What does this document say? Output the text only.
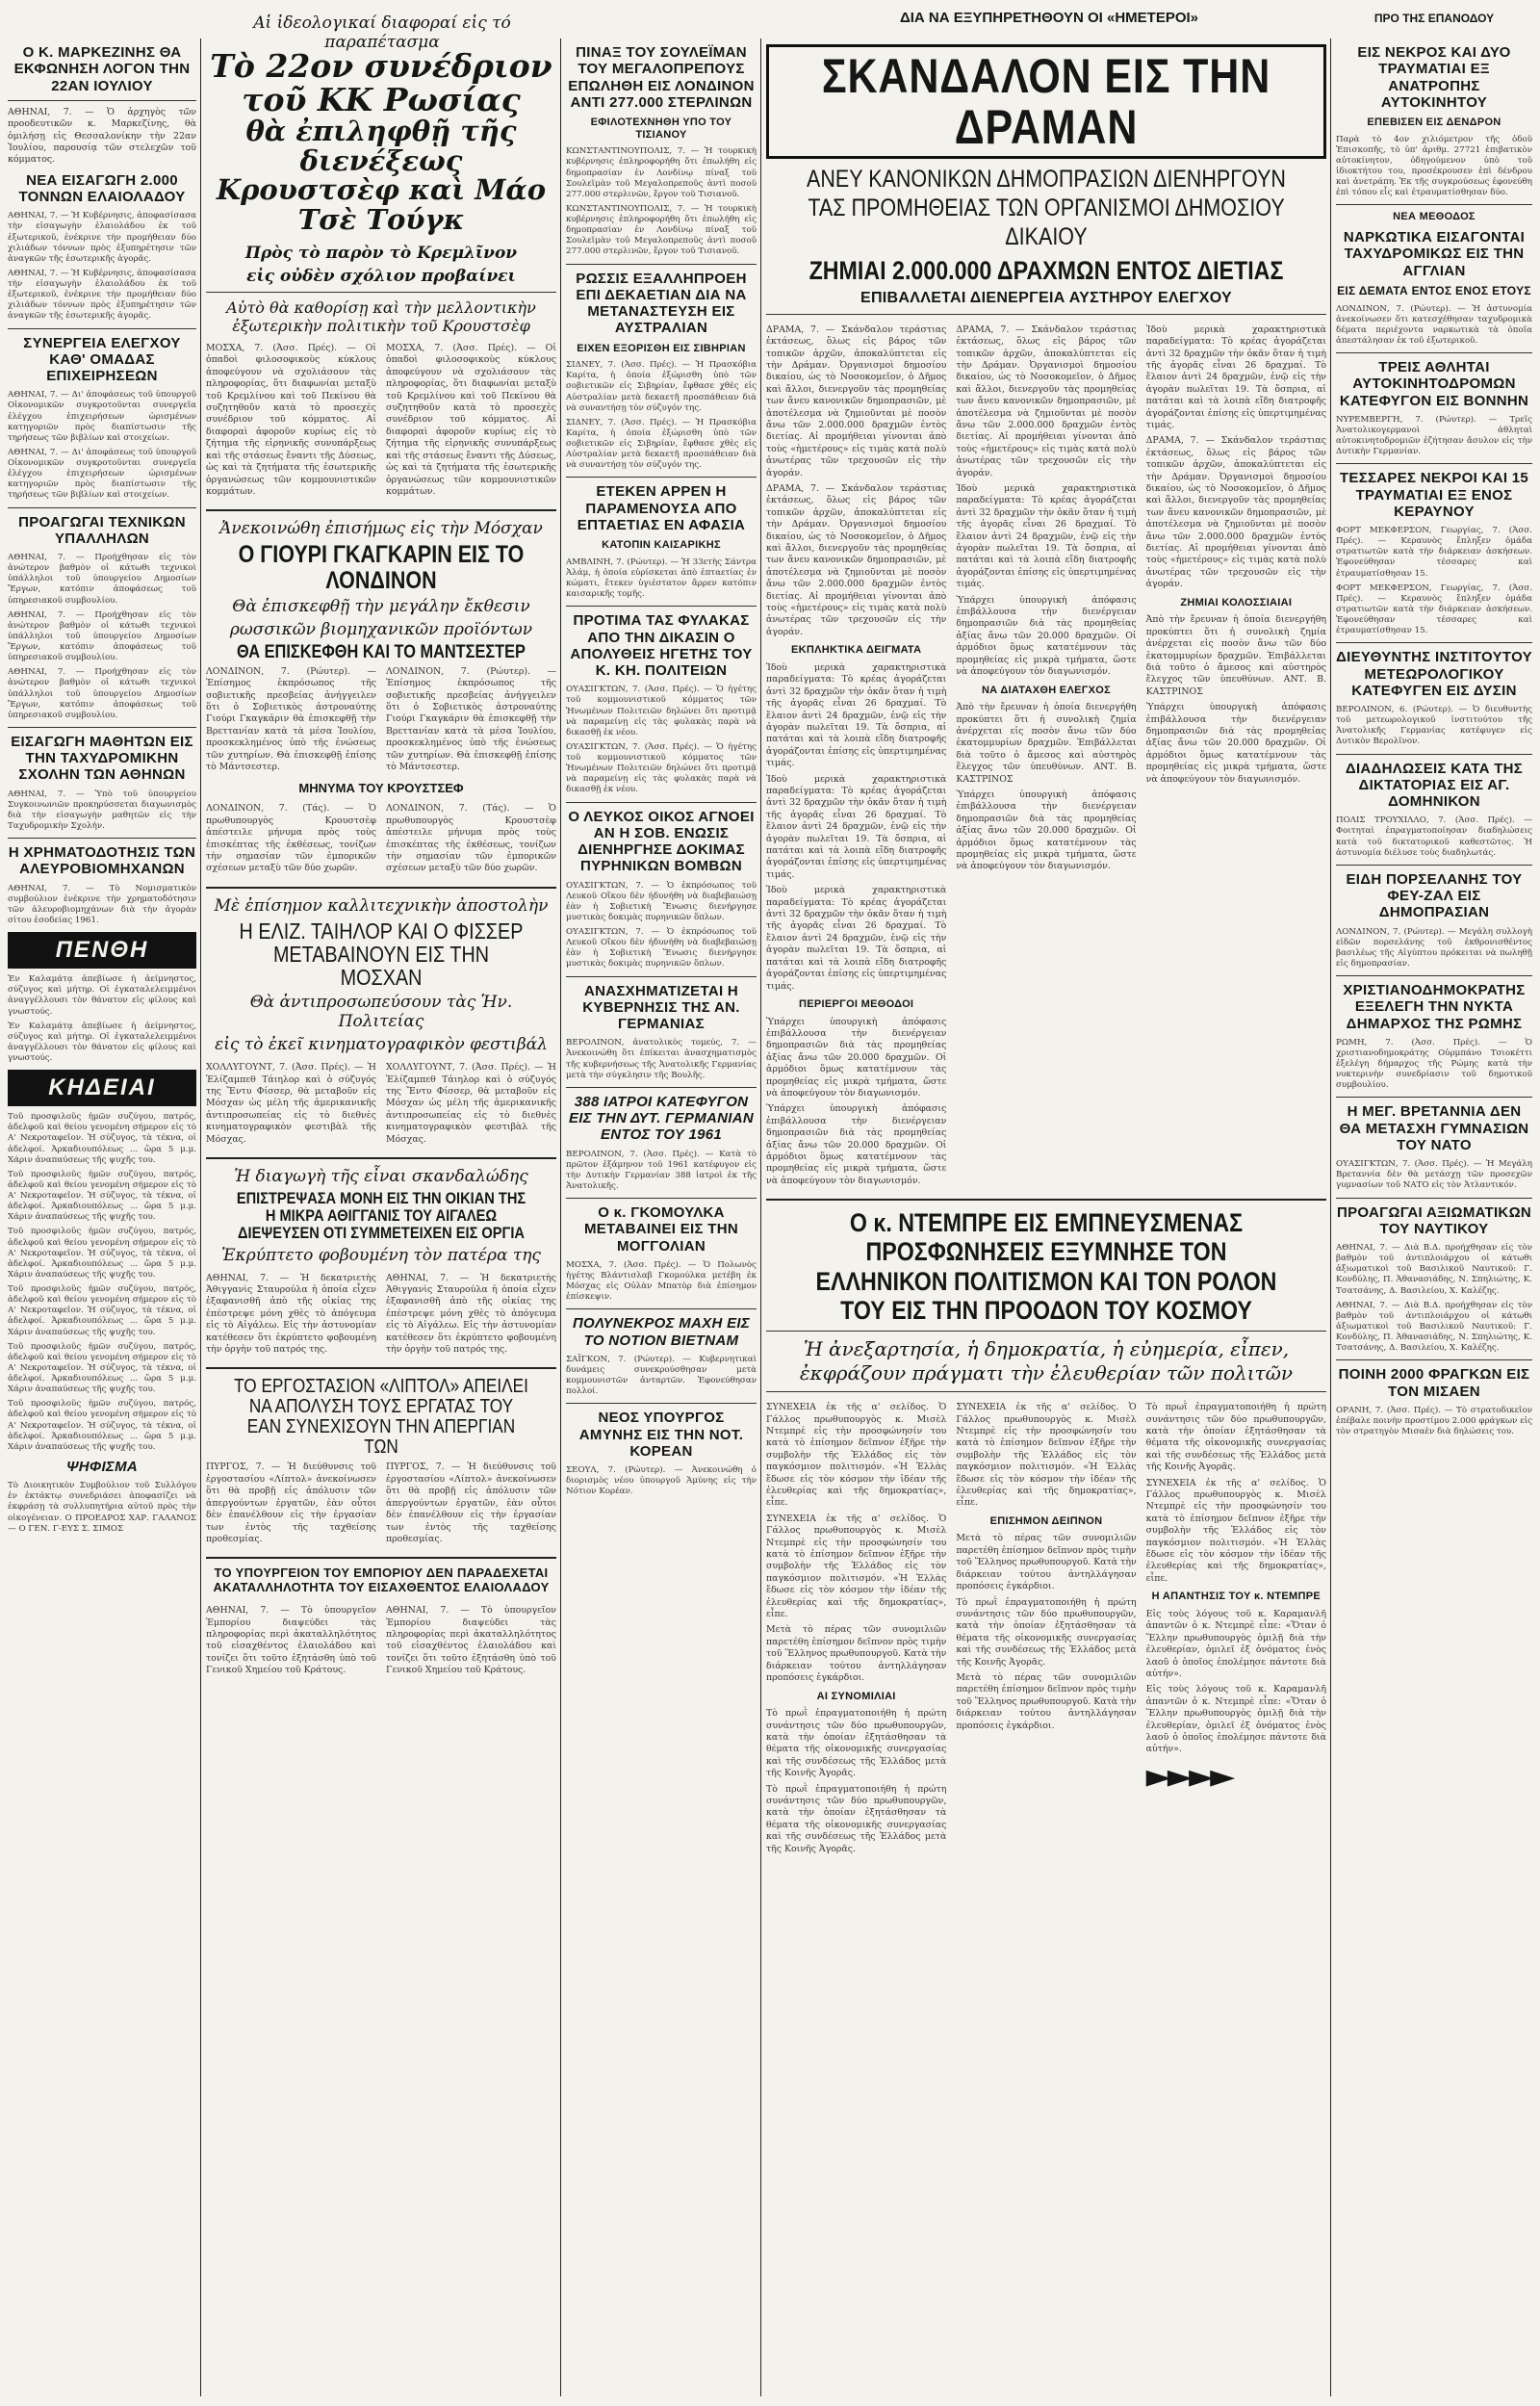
Αἱ ἰδεολογικαί διαφοραί εἰς τό παραπέτασμα
ΔΙΑ ΝΑ ΕΞΥΠΗΡΕΤΗΘΟΥΝ ΟΙ «ΗΜΕΤΕΡΟΙ»	ΠΡΟ ΤΗΣ ΕΠΑΝΟΔΟΥ
Ο Κ. ΜΑΡΚΕΖΙΝΗΣ ΘΑ ΕΚΦΩΝΗΣΗ ΛΟΓΟΝ ΤΗΝ 22ΑΝ ΙΟΥΛΙΟΥ
ΑΘΗΝΑΙ, 7. — Ὁ ἀρχηγὸς τῶν προοδευτικῶν κ. Μαρκεζίνης, θὰ ὁμιλήσῃ εἰς Θεσσαλονίκην τὴν 22αν Ἰουλίου, παρουσίᾳ τῶν στελεχῶν τοῦ κόμματος.
ΝΕΑ ΕΙΣΑΓΩΓΗ 2.000 ΤΟΝΝΩΝ ΕΛΑΙΟΛΑΔΟΥ
ΑΘΗΝΑΙ, 7. — Ἡ Κυβέρνησις, ἀποφασίσασα τὴν εἰσαγωγὴν ἐλαιολάδου ἐκ τοῦ ἐξωτερικοῦ, ἐνέκρινε τὴν προμήθειαν δύο χιλιάδων τόννων πρὸς ἐξυπηρέτησιν τῶν ἀναγκῶν τῆς ἐσωτερικῆς ἀγορᾶς.
ΑΘΗΝΑΙ, 7. — Ἡ Κυβέρνησις, ἀποφασίσασα τὴν εἰσαγωγὴν ἐλαιολάδου ἐκ τοῦ ἐξωτερικοῦ, ἐνέκρινε τὴν προμήθειαν δύο χιλιάδων τόννων πρὸς ἐξυπηρέτησιν τῶν ἀναγκῶν τῆς ἐσωτερικῆς ἀγορᾶς.
ΣΥΝΕΡΓΕΙΑ ΕΛΕΓΧΟΥ ΚΑΘ' ΟΜΑΔΑΣ ΕΠΙΧΕΙΡΗΣΕΩΝ
ΑΘΗΝΑΙ, 7. — Δι' ἀποφάσεως τοῦ ὑπουργοῦ Οἰκονομικῶν συγκροτοῦνται συνεργεῖα ἐλέγχου ἐπιχειρήσεων ὡρισμένων κατηγοριῶν πρὸς διαπίστωσιν τῆς τηρήσεως τῶν βιβλίων καὶ στοιχείων.
ΑΘΗΝΑΙ, 7. — Δι' ἀποφάσεως τοῦ ὑπουργοῦ Οἰκονομικῶν συγκροτοῦνται συνεργεῖα ἐλέγχου ἐπιχειρήσεων ὡρισμένων κατηγοριῶν πρὸς διαπίστωσιν τῆς τηρήσεως τῶν βιβλίων καὶ στοιχείων.
ΠΡΟΑΓΩΓΑΙ ΤΕΧΝΙΚΩΝ ΥΠΑΛΛΗΛΩΝ
ΑΘΗΝΑΙ, 7. — Προήχθησαν εἰς τὸν ἀνώτερον βαθμὸν οἱ κάτωθι τεχνικοὶ ὑπάλληλοι τοῦ ὑπουργείου Δημοσίων Ἔργων, κατόπιν ἀποφάσεως τοῦ ὑπηρεσιακοῦ συμβουλίου.
ΑΘΗΝΑΙ, 7. — Προήχθησαν εἰς τὸν ἀνώτερον βαθμὸν οἱ κάτωθι τεχνικοὶ ὑπάλληλοι τοῦ ὑπουργείου Δημοσίων Ἔργων, κατόπιν ἀποφάσεως τοῦ ὑπηρεσιακοῦ συμβουλίου.
ΑΘΗΝΑΙ, 7. — Προήχθησαν εἰς τὸν ἀνώτερον βαθμὸν οἱ κάτωθι τεχνικοὶ ὑπάλληλοι τοῦ ὑπουργείου Δημοσίων Ἔργων, κατόπιν ἀποφάσεως τοῦ ὑπηρεσιακοῦ συμβουλίου.
ΕΙΣΑΓΩΓΗ ΜΑΘΗΤΩΝ ΕΙΣ ΤΗΝ ΤΑΧΥΔΡΟΜΙΚΗΝ ΣΧΟΛΗΝ ΤΩΝ ΑΘΗΝΩΝ
ΑΘΗΝΑΙ, 7. — Ὑπὸ τοῦ ὑπουργείου Συγκοινωνιῶν προκηρύσσεται διαγωνισμὸς διὰ τὴν εἰσαγωγὴν μαθητῶν εἰς τὴν Ταχυδρομικὴν Σχολήν.
Η ΧΡΗΜΑΤΟΔΟΤΗΣΙΣ ΤΩΝ ΑΛΕΥΡΟΒΙΟΜΗΧΑΝΩΝ
ΑΘΗΝΑΙ, 7. — Τὸ Νομισματικὸν συμβούλιον ἐνέκρινε τὴν χρηματοδότησιν τῶν ἀλευροβιομηχάνων διὰ τὴν ἀγορὰν σίτου ἐσοδείας 1961.
ΠΕΝΘΗ
Ἐν Καλαμάτᾳ ἀπεβίωσε ἡ ἀείμνηστος, σύζυγος καὶ μήτηρ. Οἱ ἐγκαταλελειμμένοι ἀναγγέλλουσι τὸν θάνατον εἰς φίλους καὶ γνωστούς.
Ἐν Καλαμάτᾳ ἀπεβίωσε ἡ ἀείμνηστος, σύζυγος καὶ μήτηρ. Οἱ ἐγκαταλελειμμένοι ἀναγγέλλουσι τὸν θάνατον εἰς φίλους καὶ γνωστούς.
ΚΗΔΕΙΑΙ
Τοῦ προσφιλοῦς ἡμῶν συζύγου, πατρός, ἀδελφοῦ καὶ θείου γενομένη σήμερον εἰς τὸ Α' Νεκροταφεῖον. Ἡ σύζυγος, τὰ τέκνα, οἱ ἀδελφοί. Ἀρκαδιουπόλεως ... ὥρα 5 μ.μ. Χάριν ἀναπαύσεως τῆς ψυχῆς του.
Τοῦ προσφιλοῦς ἡμῶν συζύγου, πατρός, ἀδελφοῦ καὶ θείου γενομένη σήμερον εἰς τὸ Α' Νεκροταφεῖον. Ἡ σύζυγος, τὰ τέκνα, οἱ ἀδελφοί. Ἀρκαδιουπόλεως ... ὥρα 5 μ.μ. Χάριν ἀναπαύσεως τῆς ψυχῆς του.
Τοῦ προσφιλοῦς ἡμῶν συζύγου, πατρός, ἀδελφοῦ καὶ θείου γενομένη σήμερον εἰς τὸ Α' Νεκροταφεῖον. Ἡ σύζυγος, τὰ τέκνα, οἱ ἀδελφοί. Ἀρκαδιουπόλεως ... ὥρα 5 μ.μ. Χάριν ἀναπαύσεως τῆς ψυχῆς του.
Τοῦ προσφιλοῦς ἡμῶν συζύγου, πατρός, ἀδελφοῦ καὶ θείου γενομένη σήμερον εἰς τὸ Α' Νεκροταφεῖον. Ἡ σύζυγος, τὰ τέκνα, οἱ ἀδελφοί. Ἀρκαδιουπόλεως ... ὥρα 5 μ.μ. Χάριν ἀναπαύσεως τῆς ψυχῆς του.
Τοῦ προσφιλοῦς ἡμῶν συζύγου, πατρός, ἀδελφοῦ καὶ θείου γενομένη σήμερον εἰς τὸ Α' Νεκροταφεῖον. Ἡ σύζυγος, τὰ τέκνα, οἱ ἀδελφοί. Ἀρκαδιουπόλεως ... ὥρα 5 μ.μ. Χάριν ἀναπαύσεως τῆς ψυχῆς του.
Τοῦ προσφιλοῦς ἡμῶν συζύγου, πατρός, ἀδελφοῦ καὶ θείου γενομένη σήμερον εἰς τὸ Α' Νεκροταφεῖον. Ἡ σύζυγος, τὰ τέκνα, οἱ ἀδελφοί. Ἀρκαδιουπόλεως ... ὥρα 5 μ.μ. Χάριν ἀναπαύσεως τῆς ψυχῆς του.
ΨΗΦΙΣΜΑ
Τὸ Διοικητικὸν Συμβούλιον τοῦ Συλλόγου ἐν ἐκτάκτῳ συνεδριάσει ἀποφασίζει νὰ ἐκφράσῃ τὰ συλλυπητήρια αὐτοῦ πρὸς τὴν οἰκογένειαν. Ο ΠΡΟΕΔΡΟΣ ΧΑΡ. ΓΑΛΑΝΟΣ — Ο ΓΕΝ. Γ-ΕΥΣ Σ. ΣΙΜΟΣ
Τὸ 22ον συνέδριον τοῦ ΚΚ Ρωσίας
θὰ ἐπιληφθῇ τῆς διενέξεως
Κρουστσὲφ καὶ Μάο Τσὲ Τούγκ
Πρὸς τὸ παρὸν τὸ Κρεμλῖνον
εἰς οὐδὲν σχόλιον προβαίνει
Αὐτὸ θὰ καθορίσῃ καὶ τὴν μελλοντικὴν ἐξωτερικὴν πολιτικὴν τοῦ Κρουστσὲφ
ΜΟΣΧΑ, 7. (Ἀσσ. Πρές). — Οἱ ὁπαδοὶ φιλοσοφικοὺς κύκλους ἀποφεύγουν νὰ σχολιάσουν τὰς πληροφορίας, ὅτι διαφωνίαι μεταξὺ τοῦ Κρεμλίνου καὶ τοῦ Πεκίνου θὰ συζητηθοῦν κατὰ τὸ προσεχὲς συνέδριον τοῦ κόμματος. Αἱ διαφοραὶ ἀφοροῦν κυρίως εἰς τὸ ζήτημα τῆς εἰρηνικῆς συνυπάρξεως καὶ τῆς στάσεως ἔναντι τῆς Δύσεως, ὡς καὶ τὰ ζητήματα τῆς ἐσωτερικῆς ὀργανώσεως τῶν κομμουνιστικῶν κομμάτων.
ΜΟΣΧΑ, 7. (Ἀσσ. Πρές). — Οἱ ὁπαδοὶ φιλοσοφικοὺς κύκλους ἀποφεύγουν νὰ σχολιάσουν τὰς πληροφορίας, ὅτι διαφωνίαι μεταξὺ τοῦ Κρεμλίνου καὶ τοῦ Πεκίνου θὰ συζητηθοῦν κατὰ τὸ προσεχὲς συνέδριον τοῦ κόμματος. Αἱ διαφοραὶ ἀφοροῦν κυρίως εἰς τὸ ζήτημα τῆς εἰρηνικῆς συνυπάρξεως καὶ τῆς στάσεως ἔναντι τῆς Δύσεως, ὡς καὶ τὰ ζητήματα τῆς ἐσωτερικῆς ὀργανώσεως τῶν κομμουνιστικῶν κομμάτων.
Ἀνεκοινώθη ἐπισήμως εἰς τὴν Μόσχαν
Ο ΓΙΟΥΡΙ ΓΚΑΓΚΑΡΙΝ ΕΙΣ ΤΟ ΛΟΝΔΙΝΟΝ
Θὰ ἐπισκεφθῇ τὴν μεγάλην ἔκθεσιν
ρωσσικῶν βιομηχανικῶν προϊόντων
ΘΑ ΕΠΙΣΚΕΦΘΗ ΚΑΙ ΤΟ ΜΑΝΤΣΕΣΤΕΡ
ΛΟΝΔΙΝΟΝ, 7. (Ρώυτερ). — Ἐπίσημος ἐκπρόσωπος τῆς σοβιετικῆς πρεσβείας ἀνήγγειλεν ὅτι ὁ Σοβιετικὸς ἀστροναύτης Γιούρι Γκαγκάριν θὰ ἐπισκεφθῇ τὴν Βρεττανίαν κατὰ τὰ μέσα Ἰουλίου, προσκεκλημένος ὑπὸ τῆς ἐνώσεως τῶν χυτηρίων. Θὰ ἐπισκεφθῇ ἐπίσης τὸ Μάντσεστερ.
ΛΟΝΔΙΝΟΝ, 7. (Ρώυτερ). — Ἐπίσημος ἐκπρόσωπος τῆς σοβιετικῆς πρεσβείας ἀνήγγειλεν ὅτι ὁ Σοβιετικὸς ἀστροναύτης Γιούρι Γκαγκάριν θὰ ἐπισκεφθῇ τὴν Βρεττανίαν κατὰ τὰ μέσα Ἰουλίου, προσκεκλημένος ὑπὸ τῆς ἐνώσεως τῶν χυτηρίων. Θὰ ἐπισκεφθῇ ἐπίσης τὸ Μάντσεστερ.
ΜΗΝΥΜΑ ΤΟΥ ΚΡΟΥΣΤΣΕΦ
ΛΟΝΔΙΝΟΝ, 7. (Τάς). — Ὁ πρωθυπουργὸς Κρουστσὲφ ἀπέστειλε μήνυμα πρὸς τοὺς ἐπισκέπτας τῆς ἐκθέσεως, τονίζων τὴν σημασίαν τῶν ἐμπορικῶν σχέσεων μεταξὺ τῶν δύο χωρῶν.
ΛΟΝΔΙΝΟΝ, 7. (Τάς). — Ὁ πρωθυπουργὸς Κρουστσὲφ ἀπέστειλε μήνυμα πρὸς τοὺς ἐπισκέπτας τῆς ἐκθέσεως, τονίζων τὴν σημασίαν τῶν ἐμπορικῶν σχέσεων μεταξὺ τῶν δύο χωρῶν.
Μὲ ἐπίσημον καλλιτεχνικὴν ἀποστολὴν
Η ΕΛΙΖ. ΤΑΙΗΛΟΡ ΚΑΙ Ο ΦΙΣΣΕΡ ΜΕΤΑΒΑΙΝΟΥΝ ΕΙΣ ΤΗΝ ΜΟΣΧΑΝ
Θὰ ἀντιπροσωπεύσουν τὰς Ἡν. Πολιτείας
εἰς τὸ ἐκεῖ κινηματογραφικὸν φεστιβάλ
ΧΟΛΛΥΓΟΥΝΤ, 7. (Ἀσσ. Πρές). — Ἡ Ἐλίζαμπεθ Τάιηλορ καὶ ὁ σύζυγός της Ἔντυ Φίσσερ, θὰ μεταβοῦν εἰς Μόσχαν ὡς μέλη τῆς ἀμερικανικῆς ἀντιπροσωπείας εἰς τὸ διεθνὲς κινηματογραφικὸν φεστιβὰλ τῆς Μόσχας.
ΧΟΛΛΥΓΟΥΝΤ, 7. (Ἀσσ. Πρές). — Ἡ Ἐλίζαμπεθ Τάιηλορ καὶ ὁ σύζυγός της Ἔντυ Φίσσερ, θὰ μεταβοῦν εἰς Μόσχαν ὡς μέλη τῆς ἀμερικανικῆς ἀντιπροσωπείας εἰς τὸ διεθνὲς κινηματογραφικὸν φεστιβὰλ τῆς Μόσχας.
Ἡ διαγωγὴ τῆς εἶναι σκανδαλώδης
ΕΠΙΣΤΡΕΨΑΣΑ ΜΟΝΗ ΕΙΣ ΤΗΝ ΟΙΚΙΑΝ ΤΗΣ Η ΜΙΚΡΑ ΑΘΙΓΓΑΝΙΣ ΤΟΥ ΑΙΓΑΛΕΩ ΔΙΕΨΕΥΣΕΝ ΟΤΙ ΣΥΜΜΕΤΕΙΧΕΝ ΕΙΣ ΟΡΓΙΑ
Ἐκρύπτετο φοβουμένη τὸν πατέρα της
ΑΘΗΝΑΙ, 7. — Ἡ δεκατριετὴς Ἀθιγγανὶς Σταυρούλα ἡ ὁποία εἶχεν ἐξαφανισθῆ ἀπὸ τῆς οἰκίας της ἐπέστρεψε μόνη χθὲς τὸ ἀπόγευμα εἰς τὸ Αἰγάλεω. Εἰς τὴν ἀστυνομίαν κατέθεσεν ὅτι ἐκρύπτετο φοβουμένη τὴν ὀργὴν τοῦ πατρός της.
ΑΘΗΝΑΙ, 7. — Ἡ δεκατριετὴς Ἀθιγγανὶς Σταυρούλα ἡ ὁποία εἶχεν ἐξαφανισθῆ ἀπὸ τῆς οἰκίας της ἐπέστρεψε μόνη χθὲς τὸ ἀπόγευμα εἰς τὸ Αἰγάλεω. Εἰς τὴν ἀστυνομίαν κατέθεσεν ὅτι ἐκρύπτετο φοβουμένη τὴν ὀργὴν τοῦ πατρός της.
ΤΟ ΕΡΓΟΣΤΑΣΙΟΝ «ΛΙΠΤΟΛ» ΑΠΕΙΛΕΙ ΝΑ ΑΠΟΛΥΣΗ ΤΟΥΣ ΕΡΓΑΤΑΣ ΤΟΥ ΕΑΝ ΣΥΝΕΧΙΣΟΥΝ ΤΗΝ ΑΠΕΡΓΙΑΝ ΤΩΝ
ΠΥΡΓΟΣ, 7. — Ἡ διεύθυνσις τοῦ ἐργοστασίου «Λίπτολ» ἀνεκοίνωσεν ὅτι θὰ προβῇ εἰς ἀπόλυσιν τῶν ἀπεργούντων ἐργατῶν, ἐὰν οὗτοι δὲν ἐπανέλθουν εἰς τὴν ἐργασίαν των ἐντὸς τῆς ταχθείσης προθεσμίας.
ΠΥΡΓΟΣ, 7. — Ἡ διεύθυνσις τοῦ ἐργοστασίου «Λίπτολ» ἀνεκοίνωσεν ὅτι θὰ προβῇ εἰς ἀπόλυσιν τῶν ἀπεργούντων ἐργατῶν, ἐὰν οὗτοι δὲν ἐπανέλθουν εἰς τὴν ἐργασίαν των ἐντὸς τῆς ταχθείσης προθεσμίας.
ΤΟ ΥΠΟΥΡΓΕΙΟΝ ΤΟΥ ΕΜΠΟΡΙΟΥ ΔΕΝ ΠΑΡΑΔΕΧΕΤΑΙ ΑΚΑΤΑΛΛΗΛΟΤΗΤΑ ΤΟΥ ΕΙΣΑΧΘΕΝΤΟΣ ΕΛΑΙΟΛΑΔΟΥ
ΑΘΗΝΑΙ, 7. — Τὸ ὑπουργεῖον Ἐμπορίου διαψεύδει τὰς πληροφορίας περὶ ἀκαταλληλότητος τοῦ εἰσαχθέντος ἐλαιολάδου καὶ τονίζει ὅτι τοῦτο ἐξητάσθη ὑπὸ τοῦ Γενικοῦ Χημείου τοῦ Κράτους.
ΑΘΗΝΑΙ, 7. — Τὸ ὑπουργεῖον Ἐμπορίου διαψεύδει τὰς πληροφορίας περὶ ἀκαταλληλότητος τοῦ εἰσαχθέντος ἐλαιολάδου καὶ τονίζει ὅτι τοῦτο ἐξητάσθη ὑπὸ τοῦ Γενικοῦ Χημείου τοῦ Κράτους.
ΠΙΝΑΞ ΤΟΥ ΣΟΥΛΕΪΜΑΝ ΤΟΥ ΜΕΓΑΛΟΠΡΕΠΟΥΣ ΕΠΩΛΗΘΗ ΕΙΣ ΛΟΝΔΙΝΟΝ ΑΝΤΙ 277.000 ΣΤΕΡΛΙΝΩΝ
ΕΦΙΛΟΤΕΧΝΗΘΗ ΥΠΟ ΤΟΥ ΤΙΣΙΑΝΟΥ
ΚΩΝΣΤΑΝΤΙΝΟΥΠΟΛΙΣ, 7. — Ἡ τουρκικὴ κυβέρνησις ἐπληροφορήθη ὅτι ἐπωλήθη εἰς δημοπρασίαν ἐν Λονδίνῳ πίναξ τοῦ Σουλεϊμὰν τοῦ Μεγαλοπρεποῦς ἀντὶ ποσοῦ 277.000 στερλινῶν, ἔργον τοῦ Τισιανοῦ.
ΚΩΝΣΤΑΝΤΙΝΟΥΠΟΛΙΣ, 7. — Ἡ τουρκικὴ κυβέρνησις ἐπληροφορήθη ὅτι ἐπωλήθη εἰς δημοπρασίαν ἐν Λονδίνῳ πίναξ τοῦ Σουλεϊμὰν τοῦ Μεγαλοπρεποῦς ἀντὶ ποσοῦ 277.000 στερλινῶν, ἔργον τοῦ Τισιανοῦ.
ΡΩΣΣΙΣ ΕΞΑΛΛΗΠΡΟΕΗ ΕΠΙ ΔΕΚΑΕΤΙΑΝ ΔΙΑ ΝΑ ΜΕΤΑΝΑΣΤΕΥΣΗ ΕΙΣ ΑΥΣΤΡΑΛΙΑΝ
ΕΙΧΕΝ ΕΞΟΡΙΣΘΗ ΕΙΣ ΣΙΒΗΡΙΑΝ
ΣΙΔΝΕΥ, 7. (Ἀσσ. Πρές). — Ἡ Πρασκόβια Καρίτα, ἡ ὁποία ἐξώρισθη ὑπὸ τῶν σοβιετικῶν εἰς Σιβηρίαν, ἔφθασε χθὲς εἰς Αὐστραλίαν μετὰ δεκαετῆ προσπάθειαν διὰ νὰ συναντήσῃ τὸν σύζυγόν της.
ΣΙΔΝΕΥ, 7. (Ἀσσ. Πρές). — Ἡ Πρασκόβια Καρίτα, ἡ ὁποία ἐξώρισθη ὑπὸ τῶν σοβιετικῶν εἰς Σιβηρίαν, ἔφθασε χθὲς εἰς Αὐστραλίαν μετὰ δεκαετῆ προσπάθειαν διὰ νὰ συναντήσῃ τὸν σύζυγόν της.
ΕΤΕΚΕΝ ΑΡΡΕΝ Η ΠΑΡΑΜΕΝΟΥΣΑ ΑΠΟ ΕΠΤΑΕΤΙΑΣ ΕΝ ΑΦΑΣΙΑ
ΚΑΤΟΠΙΝ ΚΑΙΣΑΡΙΚΗΣ
ΑΜΒΛΙΝΗ, 7. (Ρώυτερ). — Ἡ 33ετὴς Σάντρα Ἀλάμ, ἡ ὁποία εὑρίσκεται ἀπὸ ἑπταετίας ἐν κώματι, ἔτεκεν ὑγιέστατον ἄρρεν κατόπιν καισαρικῆς τομῆς.
ΠΡΟΤΙΜΑ ΤΑΣ ΦΥΛΑΚΑΣ ΑΠΟ ΤΗΝ ΔΙΚΑΣΙΝ Ο ΑΠΟΛΥΘΕΙΣ ΗΓΕΤΗΣ ΤΟΥ Κ. ΚΗ. ΠΟΛΙΤΕΙΩΝ
ΟΥΑΣΙΓΚΤΩΝ, 7. (Ἀσσ. Πρές). — Ὁ ἡγέτης τοῦ κομμουνιστικοῦ κόμματος τῶν Ἡνωμένων Πολιτειῶν δηλώνει ὅτι προτιμᾷ νὰ παραμείνῃ εἰς τὰς φυλακὰς παρὰ νὰ δικασθῇ ἐκ νέου.
ΟΥΑΣΙΓΚΤΩΝ, 7. (Ἀσσ. Πρές). — Ὁ ἡγέτης τοῦ κομμουνιστικοῦ κόμματος τῶν Ἡνωμένων Πολιτειῶν δηλώνει ὅτι προτιμᾷ νὰ παραμείνῃ εἰς τὰς φυλακὰς παρὰ νὰ δικασθῇ ἐκ νέου.
Ο ΛΕΥΚΟΣ ΟΙΚΟΣ ΑΓΝΟΕΙ ΑΝ Η ΣΟΒ. ΕΝΩΣΙΣ ΔΙΕΝΗΡΓΗΣΕ ΔΟΚΙΜΑΣ ΠΥΡΗΝΙΚΩΝ ΒΟΜΒΩΝ
ΟΥΑΣΙΓΚΤΩΝ, 7. — Ὁ ἐκπρόσωπος τοῦ Λευκοῦ Οἴκου δὲν ἠδυνήθη νὰ διαβεβαιώσῃ ἐὰν ἡ Σοβιετικὴ Ἕνωσις διενήργησε μυστικὰς δοκιμὰς πυρηνικῶν ὅπλων.
ΟΥΑΣΙΓΚΤΩΝ, 7. — Ὁ ἐκπρόσωπος τοῦ Λευκοῦ Οἴκου δὲν ἠδυνήθη νὰ διαβεβαιώσῃ ἐὰν ἡ Σοβιετικὴ Ἕνωσις διενήργησε μυστικὰς δοκιμὰς πυρηνικῶν ὅπλων.
ΑΝΑΣΧΗΜΑΤΙΖΕΤΑΙ Η ΚΥΒΕΡΝΗΣΙΣ ΤΗΣ ΑΝ. ΓΕΡΜΑΝΙΑΣ
ΒΕΡΟΛΙΝΟΝ, ἀνατολικὸς τομεύς, 7. — Ἀνεκοινώθη ὅτι ἐπίκειται ἀνασχηματισμὸς τῆς κυβερνήσεως τῆς Ἀνατολικῆς Γερμανίας μετὰ τὴν σύγκλησιν τῆς Βουλῆς.
388 ΙΑΤΡΟΙ ΚΑΤΕΦΥΓΟΝ ΕΙΣ ΤΗΝ ΔΥΤ. ΓΕΡΜΑΝΙΑΝ ΕΝΤΟΣ ΤΟΥ 1961
ΒΕΡΟΛΙΝΟΝ, 7. (Ἀσσ. Πρές). — Κατὰ τὸ πρῶτον ἑξάμηνον τοῦ 1961 κατέφυγον εἰς τὴν Δυτικὴν Γερμανίαν 388 ἰατροὶ ἐκ τῆς Ἀνατολικῆς.
Ο κ. ΓΚΟΜΟΥΛΚΑ ΜΕΤΑΒΑΙΝΕΙ ΕΙΣ ΤΗΝ ΜΟΓΓΟΛΙΑΝ
ΜΟΣΧΑ, 7. (Ἀσσ. Πρές). — Ὁ Πολωνὸς ἡγέτης Βλάντισλαβ Γκομούλκα μετέβη ἐκ Μόσχας εἰς Οὐλὰν Μπατὸρ διὰ ἐπίσημον ἐπίσκεψιν.
ΠΟΛΥΝΕΚΡΟΣ ΜΑΧΗ ΕΙΣ ΤΟ ΝΟΤΙΟΝ ΒΙΕΤΝΑΜ
ΣΑΪΓΚΟΝ, 7. (Ρώυτερ). — Κυβερνητικαὶ δυνάμεις συνεκρούσθησαν μετὰ κομμουνιστῶν ἀνταρτῶν. Ἐφονεύθησαν πολλοί.
ΝΕΟΣ ΥΠΟΥΡΓΟΣ ΑΜΥΝΗΣ ΕΙΣ ΤΗΝ ΝΟΤ. ΚΟΡΕΑΝ
ΣΕΟΥΛ, 7. (Ρώυτερ). — Ἀνεκοινώθη ὁ διορισμὸς νέου ὑπουργοῦ Ἀμύνης εἰς τὴν Νότιον Κορέαν.
ΣΚΑΝΔΑΛΟΝ ΕΙΣ ΤΗΝ ΔΡΑΜΑΝ
ΑΝΕΥ ΚΑΝΟΝΙΚΩΝ ΔΗΜΟΠΡΑΣΙΩΝ ΔΙΕΝΗΡΓΟΥΝ ΤΑΣ ΠΡΟΜΗΘΕΙΑΣ ΤΩΝ ΟΡΓΑΝΙΣΜΟΙ ΔΗΜΟΣΙΟΥ ΔΙΚΑΙΟΥ
ΖΗΜΙΑΙ 2.000.000 ΔΡΑΧΜΩΝ ΕΝΤΟΣ ΔΙΕΤΙΑΣ
ΕΠΙΒΑΛΛΕΤΑΙ ΔΙΕΝΕΡΓΕΙΑ ΑΥΣΤΗΡΟΥ ΕΛΕΓΧΟΥ
ΔΡΑΜΑ, 7. — Σκάνδαλον τεράστιας ἐκτάσεως, ὅλως εἰς βάρος τῶν τοπικῶν ἀρχῶν, ἀποκαλύπτεται εἰς τὴν Δράμαν. Ὀργανισμοὶ δημοσίου δικαίου, ὡς τὸ Νοσοκομεῖον, ὁ Δῆμος καὶ ἄλλοι, διενεργοῦν τὰς προμηθείας των ἄνευ κανονικῶν δημοπρασιῶν, μὲ ἀποτέλεσμα νὰ ζημιοῦνται μὲ ποσὸν ἄνω τῶν 2.000.000 δραχμῶν ἐντὸς διετίας. Αἱ προμήθειαι γίνονται ἀπὸ τοὺς «ἡμετέρους» εἰς τιμὰς κατὰ πολὺ ἀνωτέρας τῶν τρεχουσῶν εἰς τὴν ἀγοράν.
ΔΡΑΜΑ, 7. — Σκάνδαλον τεράστιας ἐκτάσεως, ὅλως εἰς βάρος τῶν τοπικῶν ἀρχῶν, ἀποκαλύπτεται εἰς τὴν Δράμαν. Ὀργανισμοὶ δημοσίου δικαίου, ὡς τὸ Νοσοκομεῖον, ὁ Δῆμος καὶ ἄλλοι, διενεργοῦν τὰς προμηθείας των ἄνευ κανονικῶν δημοπρασιῶν, μὲ ἀποτέλεσμα νὰ ζημιοῦνται μὲ ποσὸν ἄνω τῶν 2.000.000 δραχμῶν ἐντὸς διετίας. Αἱ προμήθειαι γίνονται ἀπὸ τοὺς «ἡμετέρους» εἰς τιμὰς κατὰ πολὺ ἀνωτέρας τῶν τρεχουσῶν εἰς τὴν ἀγοράν.
ΕΚΠΛΗΚΤΙΚΑ ΔΕΙΓΜΑΤΑ
Ἰδοὺ μερικὰ χαρακτηριστικὰ παραδείγματα: Τὸ κρέας ἀγοράζεται ἀντὶ 32 δραχμῶν τὴν ὀκᾶν ὅταν ἡ τιμὴ τῆς ἀγορᾶς εἶναι 26 δραχμαί. Τὸ ἔλαιον ἀντὶ 24 δραχμῶν, ἐνῷ εἰς τὴν ἀγορὰν πωλεῖται 19. Τὰ ὄσπρια, αἱ πατάται καὶ τὰ λοιπὰ εἴδη διατροφῆς ἀγοράζονται ἐπίσης εἰς ὑπερτιμημένας τιμάς.
Ἰδοὺ μερικὰ χαρακτηριστικὰ παραδείγματα: Τὸ κρέας ἀγοράζεται ἀντὶ 32 δραχμῶν τὴν ὀκᾶν ὅταν ἡ τιμὴ τῆς ἀγορᾶς εἶναι 26 δραχμαί. Τὸ ἔλαιον ἀντὶ 24 δραχμῶν, ἐνῷ εἰς τὴν ἀγορὰν πωλεῖται 19. Τὰ ὄσπρια, αἱ πατάται καὶ τὰ λοιπὰ εἴδη διατροφῆς ἀγοράζονται ἐπίσης εἰς ὑπερτιμημένας τιμάς.
Ἰδοὺ μερικὰ χαρακτηριστικὰ παραδείγματα: Τὸ κρέας ἀγοράζεται ἀντὶ 32 δραχμῶν τὴν ὀκᾶν ὅταν ἡ τιμὴ τῆς ἀγορᾶς εἶναι 26 δραχμαί. Τὸ ἔλαιον ἀντὶ 24 δραχμῶν, ἐνῷ εἰς τὴν ἀγορὰν πωλεῖται 19. Τὰ ὄσπρια, αἱ πατάται καὶ τὰ λοιπὰ εἴδη διατροφῆς ἀγοράζονται ἐπίσης εἰς ὑπερτιμημένας τιμάς.
ΠΕΡΙΕΡΓΟΙ ΜΕΘΟΔΟΙ
Ὑπάρχει ὑπουργικὴ ἀπόφασις ἐπιβάλλουσα τὴν διενέργειαν δημοπρασιῶν διὰ τὰς προμηθείας ἀξίας ἄνω τῶν 20.000 δραχμῶν. Οἱ ἁρμόδιοι ὅμως κατατέμνουν τὰς προμηθείας εἰς μικρὰ τμήματα, ὥστε νὰ ἀποφεύγουν τὸν διαγωνισμόν.
Ὑπάρχει ὑπουργικὴ ἀπόφασις ἐπιβάλλουσα τὴν διενέργειαν δημοπρασιῶν διὰ τὰς προμηθείας ἀξίας ἄνω τῶν 20.000 δραχμῶν. Οἱ ἁρμόδιοι ὅμως κατατέμνουν τὰς προμηθείας εἰς μικρὰ τμήματα, ὥστε νὰ ἀποφεύγουν τὸν διαγωνισμόν.
ΔΡΑΜΑ, 7. — Σκάνδαλον τεράστιας ἐκτάσεως, ὅλως εἰς βάρος τῶν τοπικῶν ἀρχῶν, ἀποκαλύπτεται εἰς τὴν Δράμαν. Ὀργανισμοὶ δημοσίου δικαίου, ὡς τὸ Νοσοκομεῖον, ὁ Δῆμος καὶ ἄλλοι, διενεργοῦν τὰς προμηθείας των ἄνευ κανονικῶν δημοπρασιῶν, μὲ ἀποτέλεσμα νὰ ζημιοῦνται μὲ ποσὸν ἄνω τῶν 2.000.000 δραχμῶν ἐντὸς διετίας. Αἱ προμήθειαι γίνονται ἀπὸ τοὺς «ἡμετέρους» εἰς τιμὰς κατὰ πολὺ ἀνωτέρας τῶν τρεχουσῶν εἰς τὴν ἀγοράν.
Ἰδοὺ μερικὰ χαρακτηριστικὰ παραδείγματα: Τὸ κρέας ἀγοράζεται ἀντὶ 32 δραχμῶν τὴν ὀκᾶν ὅταν ἡ τιμὴ τῆς ἀγορᾶς εἶναι 26 δραχμαί. Τὸ ἔλαιον ἀντὶ 24 δραχμῶν, ἐνῷ εἰς τὴν ἀγορὰν πωλεῖται 19. Τὰ ὄσπρια, αἱ πατάται καὶ τὰ λοιπὰ εἴδη διατροφῆς ἀγοράζονται ἐπίσης εἰς ὑπερτιμημένας τιμάς.
Ὑπάρχει ὑπουργικὴ ἀπόφασις ἐπιβάλλουσα τὴν διενέργειαν δημοπρασιῶν διὰ τὰς προμηθείας ἀξίας ἄνω τῶν 20.000 δραχμῶν. Οἱ ἁρμόδιοι ὅμως κατατέμνουν τὰς προμηθείας εἰς μικρὰ τμήματα, ὥστε νὰ ἀποφεύγουν τὸν διαγωνισμόν.
ΝΑ ΔΙΑΤΑΧΘΗ ΕΛΕΓΧΟΣ
Ἀπὸ τὴν ἔρευναν ἡ ὁποία διενεργήθη προκύπτει ὅτι ἡ συνολικὴ ζημία ἀνέρχεται εἰς ποσὸν ἄνω τῶν δύο ἑκατομμυρίων δραχμῶν. Ἐπιβάλλεται διὰ τοῦτο ὁ ἄμεσος καὶ αὐστηρὸς ἔλεγχος τῶν ὑπευθύνων. ΑΝΤ. Β. ΚΑΣΤΡΙΝΟΣ
Ὑπάρχει ὑπουργικὴ ἀπόφασις ἐπιβάλλουσα τὴν διενέργειαν δημοπρασιῶν διὰ τὰς προμηθείας ἀξίας ἄνω τῶν 20.000 δραχμῶν. Οἱ ἁρμόδιοι ὅμως κατατέμνουν τὰς προμηθείας εἰς μικρὰ τμήματα, ὥστε νὰ ἀποφεύγουν τὸν διαγωνισμόν.
Ἰδοὺ μερικὰ χαρακτηριστικὰ παραδείγματα: Τὸ κρέας ἀγοράζεται ἀντὶ 32 δραχμῶν τὴν ὀκᾶν ὅταν ἡ τιμὴ τῆς ἀγορᾶς εἶναι 26 δραχμαί. Τὸ ἔλαιον ἀντὶ 24 δραχμῶν, ἐνῷ εἰς τὴν ἀγορὰν πωλεῖται 19. Τὰ ὄσπρια, αἱ πατάται καὶ τὰ λοιπὰ εἴδη διατροφῆς ἀγοράζονται ἐπίσης εἰς ὑπερτιμημένας τιμάς.
ΔΡΑΜΑ, 7. — Σκάνδαλον τεράστιας ἐκτάσεως, ὅλως εἰς βάρος τῶν τοπικῶν ἀρχῶν, ἀποκαλύπτεται εἰς τὴν Δράμαν. Ὀργανισμοὶ δημοσίου δικαίου, ὡς τὸ Νοσοκομεῖον, ὁ Δῆμος καὶ ἄλλοι, διενεργοῦν τὰς προμηθείας των ἄνευ κανονικῶν δημοπρασιῶν, μὲ ἀποτέλεσμα νὰ ζημιοῦνται μὲ ποσὸν ἄνω τῶν 2.000.000 δραχμῶν ἐντὸς διετίας. Αἱ προμήθειαι γίνονται ἀπὸ τοὺς «ἡμετέρους» εἰς τιμὰς κατὰ πολὺ ἀνωτέρας τῶν τρεχουσῶν εἰς τὴν ἀγοράν.
ΖΗΜΙΑΙ ΚΟΛΟΣΣΙΑΙΑΙ
Ἀπὸ τὴν ἔρευναν ἡ ὁποία διενεργήθη προκύπτει ὅτι ἡ συνολικὴ ζημία ἀνέρχεται εἰς ποσὸν ἄνω τῶν δύο ἑκατομμυρίων δραχμῶν. Ἐπιβάλλεται διὰ τοῦτο ὁ ἄμεσος καὶ αὐστηρὸς ἔλεγχος τῶν ὑπευθύνων. ΑΝΤ. Β. ΚΑΣΤΡΙΝΟΣ
Ὑπάρχει ὑπουργικὴ ἀπόφασις ἐπιβάλλουσα τὴν διενέργειαν δημοπρασιῶν διὰ τὰς προμηθείας ἀξίας ἄνω τῶν 20.000 δραχμῶν. Οἱ ἁρμόδιοι ὅμως κατατέμνουν τὰς προμηθείας εἰς μικρὰ τμήματα, ὥστε νὰ ἀποφεύγουν τὸν διαγωνισμόν.
Ο κ. ΝΤΕΜΠΡΕ ΕΙΣ ΕΜΠΝΕΥΣΜΕΝΑΣ ΠΡΟΣΦΩΝΗΣΕΙΣ ΕΞΥΜΝΗΣΕ ΤΟΝ ΕΛΛΗΝΙΚΟΝ ΠΟΛΙΤΙΣΜΟΝ ΚΑΙ ΤΟΝ ΡΟΛΟΝ ΤΟΥ ΕΙΣ ΤΗΝ ΠΡΟΟΔΟΝ ΤΟΥ ΚΟΣΜΟΥ
Ἡ ἀνεξαρτησία, ἡ δημοκρατία, ἡ εὐημερία, εἶπεν, ἐκφράζουν πράγματι τὴν ἐλευθερίαν τῶν πολιτῶν
ΣΥΝΕΧΕΙΑ ἐκ τῆς α' σελίδος. Ὁ Γάλλος πρωθυπουργὸς κ. Μισὲλ Ντεμπρὲ εἰς τὴν προσφώνησίν του κατὰ τὸ ἐπίσημον δεῖπνον ἐξῆρε τὴν συμβολὴν τῆς Ἑλλάδος εἰς τὸν παγκόσμιον πολιτισμόν. «Ἡ Ἑλλὰς ἔδωσε εἰς τὸν κόσμον τὴν ἰδέαν τῆς ἐλευθερίας καὶ τῆς δημοκρατίας», εἶπε.
ΣΥΝΕΧΕΙΑ ἐκ τῆς α' σελίδος. Ὁ Γάλλος πρωθυπουργὸς κ. Μισὲλ Ντεμπρὲ εἰς τὴν προσφώνησίν του κατὰ τὸ ἐπίσημον δεῖπνον ἐξῆρε τὴν συμβολὴν τῆς Ἑλλάδος εἰς τὸν παγκόσμιον πολιτισμόν. «Ἡ Ἑλλὰς ἔδωσε εἰς τὸν κόσμον τὴν ἰδέαν τῆς ἐλευθερίας καὶ τῆς δημοκρατίας», εἶπε.
Μετὰ τὸ πέρας τῶν συνομιλιῶν παρετέθη ἐπίσημον δεῖπνον πρὸς τιμὴν τοῦ Ἕλληνος πρωθυπουργοῦ. Κατὰ τὴν διάρκειαν τούτου ἀντηλλάγησαν προπόσεις ἐγκάρδιοι.
ΑΙ ΣΥΝΟΜΙΛΙΑΙ
Τὸ πρωῒ ἐπραγματοποιήθη ἡ πρώτη συνάντησις τῶν δύο πρωθυπουργῶν, κατὰ τὴν ὁποίαν ἐξητάσθησαν τὰ θέματα τῆς οἰκονομικῆς συνεργασίας καὶ τῆς συνδέσεως τῆς Ἑλλάδος μετὰ τῆς Κοινῆς Ἀγορᾶς.
Τὸ πρωῒ ἐπραγματοποιήθη ἡ πρώτη συνάντησις τῶν δύο πρωθυπουργῶν, κατὰ τὴν ὁποίαν ἐξητάσθησαν τὰ θέματα τῆς οἰκονομικῆς συνεργασίας καὶ τῆς συνδέσεως τῆς Ἑλλάδος μετὰ τῆς Κοινῆς Ἀγορᾶς.
ΣΥΝΕΧΕΙΑ ἐκ τῆς α' σελίδος. Ὁ Γάλλος πρωθυπουργὸς κ. Μισὲλ Ντεμπρὲ εἰς τὴν προσφώνησίν του κατὰ τὸ ἐπίσημον δεῖπνον ἐξῆρε τὴν συμβολὴν τῆς Ἑλλάδος εἰς τὸν παγκόσμιον πολιτισμόν. «Ἡ Ἑλλὰς ἔδωσε εἰς τὸν κόσμον τὴν ἰδέαν τῆς ἐλευθερίας καὶ τῆς δημοκρατίας», εἶπε.
ΕΠΙΣΗΜΟΝ ΔΕΙΠΝΟΝ
Μετὰ τὸ πέρας τῶν συνομιλιῶν παρετέθη ἐπίσημον δεῖπνον πρὸς τιμὴν τοῦ Ἕλληνος πρωθυπουργοῦ. Κατὰ τὴν διάρκειαν τούτου ἀντηλλάγησαν προπόσεις ἐγκάρδιοι.
Τὸ πρωῒ ἐπραγματοποιήθη ἡ πρώτη συνάντησις τῶν δύο πρωθυπουργῶν, κατὰ τὴν ὁποίαν ἐξητάσθησαν τὰ θέματα τῆς οἰκονομικῆς συνεργασίας καὶ τῆς συνδέσεως τῆς Ἑλλάδος μετὰ τῆς Κοινῆς Ἀγορᾶς.
Μετὰ τὸ πέρας τῶν συνομιλιῶν παρετέθη ἐπίσημον δεῖπνον πρὸς τιμὴν τοῦ Ἕλληνος πρωθυπουργοῦ. Κατὰ τὴν διάρκειαν τούτου ἀντηλλάγησαν προπόσεις ἐγκάρδιοι.
Τὸ πρωῒ ἐπραγματοποιήθη ἡ πρώτη συνάντησις τῶν δύο πρωθυπουργῶν, κατὰ τὴν ὁποίαν ἐξητάσθησαν τὰ θέματα τῆς οἰκονομικῆς συνεργασίας καὶ τῆς συνδέσεως τῆς Ἑλλάδος μετὰ τῆς Κοινῆς Ἀγορᾶς.
ΣΥΝΕΧΕΙΑ ἐκ τῆς α' σελίδος. Ὁ Γάλλος πρωθυπουργὸς κ. Μισὲλ Ντεμπρὲ εἰς τὴν προσφώνησίν του κατὰ τὸ ἐπίσημον δεῖπνον ἐξῆρε τὴν συμβολὴν τῆς Ἑλλάδος εἰς τὸν παγκόσμιον πολιτισμόν. «Ἡ Ἑλλὰς ἔδωσε εἰς τὸν κόσμον τὴν ἰδέαν τῆς ἐλευθερίας καὶ τῆς δημοκρατίας», εἶπε.
Η ΑΠΑΝΤΗΣΙΣ ΤΟΥ κ. ΝΤΕΜΠΡΕ
Εἰς τοὺς λόγους τοῦ κ. Καραμανλῆ ἀπαντῶν ὁ κ. Ντεμπρὲ εἶπε: «Ὅταν ὁ Ἕλλην πρωθυπουργὸς ὁμιλῇ διὰ τὴν ἐλευθερίαν, ὁμιλεῖ ἐξ ὀνόματος ἑνὸς λαοῦ ὁ ὁποῖος ἐπολέμησε πάντοτε διὰ αὐτήν».
Εἰς τοὺς λόγους τοῦ κ. Καραμανλῆ ἀπαντῶν ὁ κ. Ντεμπρὲ εἶπε: «Ὅταν ὁ Ἕλλην πρωθυπουργὸς ὁμιλῇ διὰ τὴν ἐλευθερίαν, ὁμιλεῖ ἐξ ὀνόματος ἑνὸς λαοῦ ὁ ὁποῖος ἐπολέμησε πάντοτε διὰ αὐτήν».
►►►►
ΕΙΣ ΝΕΚΡΟΣ ΚΑΙ ΔΥΟ ΤΡΑΥΜΑΤΙΑΙ ΕΞ ΑΝΑΤΡΟΠΗΣ ΑΥΤΟΚΙΝΗΤΟΥ
ΕΠΕΒΙΣΕΝ ΕΙΣ ΔΕΝΔΡΟΝ
Παρὰ τὸ 4ον χιλιόμετρον τῆς ὁδοῦ Ἐπισκοπῆς, τὸ ὑπ' ἀριθμ. 27721 ἐπιβατικὸν αὐτοκίνητον, ὁδηγούμενον ὑπὸ τοῦ ἰδιοκτήτου του, προσέκρουσεν ἐπὶ δένδρου καὶ ἀνετράπη. Ἐκ τῆς συγκρούσεως ἐφονεύθη ἐπὶ τόπου εἷς καὶ ἐτραυματίσθησαν δύο.
ΝΕΑ ΜΕΘΟΔΟΣ
ΝΑΡΚΩΤΙΚΑ ΕΙΣΑΓΟΝΤΑΙ ΤΑΧΥΔΡΟΜΙΚΩΣ ΕΙΣ ΤΗΝ ΑΓΓΛΙΑΝ
ΕΙΣ ΔΕΜΑΤΑ ΕΝΤΟΣ ΕΝΟΣ ΕΤΟΥΣ
ΛΟΝΔΙΝΟΝ, 7. (Ρώυτερ). — Ἡ ἀστυνομία ἀνεκοίνωσεν ὅτι κατεσχέθησαν ταχυδρομικὰ δέματα περιέχοντα ναρκωτικὰ τὰ ὁποῖα ἀπεστάλησαν ἐκ τοῦ ἐξωτερικοῦ.
ΤΡΕΙΣ ΑΘΛΗΤΑΙ ΑΥΤΟΚΙΝΗΤΟΔΡΟΜΩΝ ΚΑΤΕΦΥΓΟΝ ΕΙΣ ΒΟΝΝΗΝ
ΝΥΡΕΜΒΕΡΓΗ, 7. (Ρώυτερ). — Τρεῖς Ἀνατολικογερμανοὶ ἀθληταὶ αὐτοκινητοδρομιῶν ἐζήτησαν ἄσυλον εἰς τὴν Δυτικὴν Γερμανίαν.
ΤΕΣΣΑΡΕΣ ΝΕΚΡΟΙ ΚΑΙ 15 ΤΡΑΥΜΑΤΙΑΙ ΕΞ ΕΝΟΣ ΚΕΡΑΥΝΟΥ
ΦΟΡΤ ΜΕΚΦΕΡΣΟΝ, Γεωργίας, 7. (Ἀσσ. Πρές). — Κεραυνὸς ἔπληξεν ὁμάδα στρατιωτῶν κατὰ τὴν διάρκειαν ἀσκήσεων. Ἐφονεύθησαν τέσσαρες καὶ ἐτραυματίσθησαν 15.
ΦΟΡΤ ΜΕΚΦΕΡΣΟΝ, Γεωργίας, 7. (Ἀσσ. Πρές). — Κεραυνὸς ἔπληξεν ὁμάδα στρατιωτῶν κατὰ τὴν διάρκειαν ἀσκήσεων. Ἐφονεύθησαν τέσσαρες καὶ ἐτραυματίσθησαν 15.
ΔΙΕΥΘΥΝΤΗΣ ΙΝΣΤΙΤΟΥΤΟΥ ΜΕΤΕΩΡΟΛΟΓΙΚΟΥ ΚΑΤΕΦΥΓΕΝ ΕΙΣ ΔΥΣΙΝ
ΒΕΡΟΛΙΝΟΝ, 6. (Ρώυτερ). — Ὁ διευθυντὴς τοῦ μετεωρολογικοῦ ἰνστιτούτου τῆς Ἀνατολικῆς Γερμανίας κατέφυγεν εἰς Δυτικὸν Βερολῖνον.
ΔΙΑΔΗΛΩΣΕΙΣ ΚΑΤΑ ΤΗΣ ΔΙΚΤΑΤΟΡΙΑΣ ΕΙΣ ΑΓ. ΔΟΜΗΝΙΚΟΝ
ΠΟΛΙΣ ΤΡΟΥΧΙΛΛΟ, 7. (Ἀσσ. Πρές). — Φοιτηταὶ ἐπραγματοποίησαν διαδηλώσεις κατὰ τοῦ δικτατορικοῦ καθεστῶτος. Ἡ ἀστυνομία διέλυσε τοὺς διαδηλωτάς.
ΕΙΔΗ ΠΟΡΣΕΛΑΝΗΣ ΤΟΥ ΦΕΥ-ΖΑΛ ΕΙΣ ΔΗΜΟΠΡΑΣΙΑΝ
ΛΟΝΔΙΝΟΝ, 7. (Ρώυτερ). — Μεγάλη συλλογὴ εἰδῶν πορσελάνης τοῦ ἐκθρονισθέντος βασιλέως τῆς Αἰγύπτου πρόκειται νὰ πωληθῇ εἰς δημοπρασίαν.
ΧΡΙΣΤΙΑΝΟΔΗΜΟΚΡΑΤΗΣ ΕΞΕΛΕΓΗ ΤΗΝ ΝΥΚΤΑ ΔΗΜΑΡΧΟΣ ΤΗΣ ΡΩΜΗΣ
ΡΩΜΗ, 7. (Ἀσσ. Πρές). — Ὁ χριστιανοδημοκράτης Οὐρμπάνο Τσιοκέττι ἐξελέγη δήμαρχος τῆς Ρώμης κατὰ τὴν νυκτερινὴν συνεδρίασιν τοῦ δημοτικοῦ συμβουλίου.
Η ΜΕΓ. ΒΡΕΤΑΝΝΙΑ ΔΕΝ ΘΑ ΜΕΤΑΣΧΗ ΓΥΜΝΑΣΙΩΝ ΤΟΥ ΝΑΤΟ
ΟΥΑΣΙΓΚΤΩΝ, 7. (Ἀσσ. Πρές). — Ἡ Μεγάλη Βρεταννία δὲν θὰ μετάσχῃ τῶν προσεχῶν γυμνασίων τοῦ ΝΑΤΟ εἰς τὸν Ἀτλαντικόν.
ΠΡΟΑΓΩΓΑΙ ΑΞΙΩΜΑΤΙΚΩΝ ΤΟΥ ΝΑΥΤΙΚΟΥ
ΑΘΗΝΑΙ, 7. — Διὰ Β.Δ. προήχθησαν εἰς τὸν βαθμὸν τοῦ ἀντιπλοιάρχου οἱ κάτωθι ἀξιωματικοὶ τοῦ Βασιλικοῦ Ναυτικοῦ: Γ. Κονδύλης, Π. Ἀθανασιάδης, Ν. Σπηλιώτης, Κ. Τσατσάνης, Δ. Βασιλείου, Χ. Καλέζης.
ΑΘΗΝΑΙ, 7. — Διὰ Β.Δ. προήχθησαν εἰς τὸν βαθμὸν τοῦ ἀντιπλοιάρχου οἱ κάτωθι ἀξιωματικοὶ τοῦ Βασιλικοῦ Ναυτικοῦ: Γ. Κονδύλης, Π. Ἀθανασιάδης, Ν. Σπηλιώτης, Κ. Τσατσάνης, Δ. Βασιλείου, Χ. Καλέζης.
ΠΟΙΝΗ 2000 ΦΡΑΓΚΩΝ ΕΙΣ ΤΟΝ ΜΙΣΑΕΝ
ΟΡΑΝΗ, 7. (Ἀσσ. Πρές). — Τὸ στρατοδικεῖον ἐπέβαλε ποινὴν προστίμου 2.000 φράγκων εἰς τὸν στρατηγὸν Μισαὲν διὰ δηλώσεις του.
